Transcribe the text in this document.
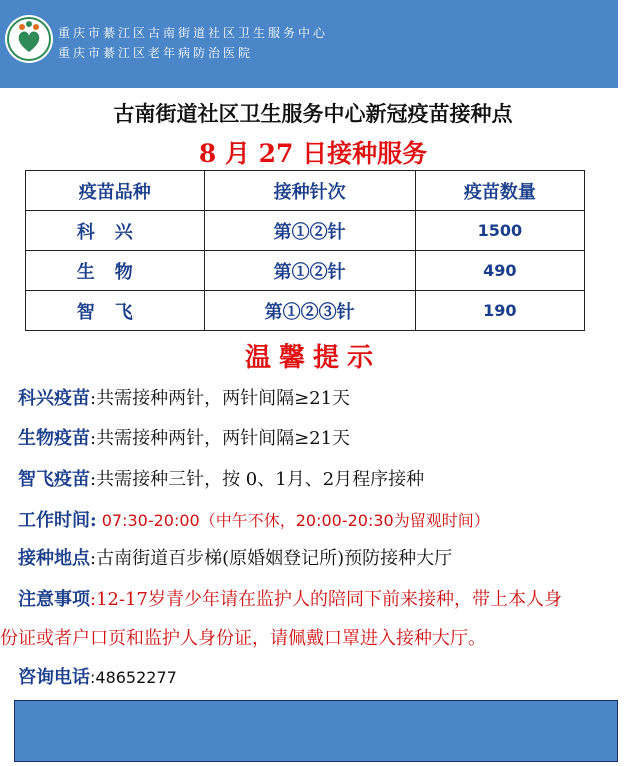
重庆市綦江区古南街道社区卫生服务中心
重庆市綦江区老年病防治医院
古南街道社区卫生服务中心新冠疫苗接种点
8 月 27 日接种服务
疫苗品种	接种针次	疫苗数量
科兴	第①②针	1500
生物	第①②针	490
智飞	第①②③针	190
温馨提示
科兴疫苗:共需接种两针，两针间隔≥21天
生物疫苗:共需接种两针，两针间隔≥21天
智飞疫苗:共需接种三针，按 0、1月、2月程序接种
工作时间: 07:30-20:00（中午不休，20:00-20:30为留观时间）
接种地点:古南街道百步梯(原婚姻登记所)预防接种大厅
注意事项:12-17岁青少年请在监护人的陪同下前来接种，带上本人身
份证或者户口页和监护人身份证，请佩戴口罩进入接种大厅。
咨询电话:48652277
